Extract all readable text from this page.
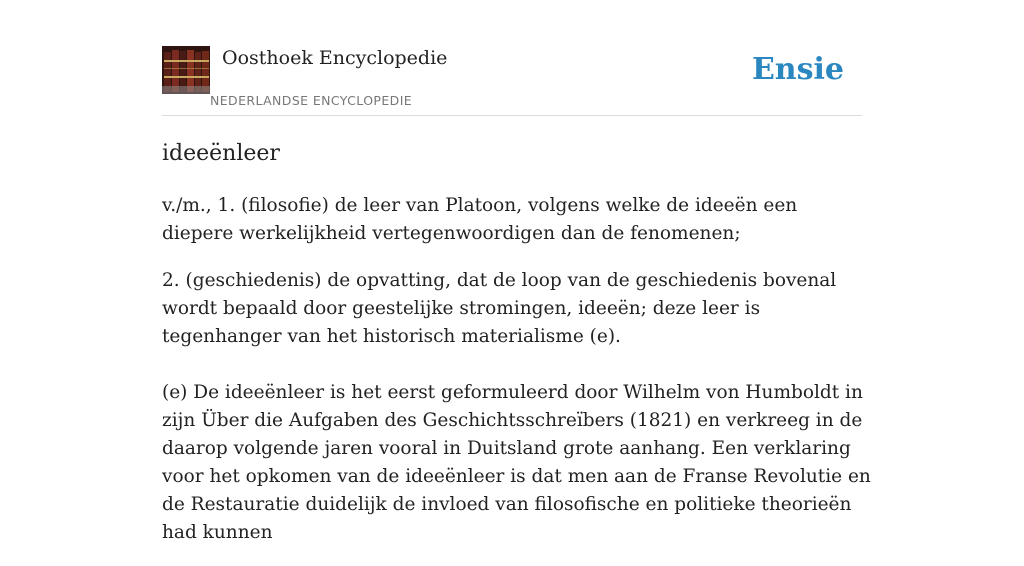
Oosthoek Encyclopedie
NEDERLANDSE ENCYCLOPEDIE
Ensie
ideeënleer

v./m., 1. (filosofie) de leer van Platoon, volgens welke de ideeën een diepere werkelijkheid vertegenwoordigen dan de fenomenen;

2. (geschiedenis) de opvatting, dat de loop van de geschiedenis bovenal wordt bepaald door geestelijke stromingen, ideeën; deze leer is tegenhanger van het historisch materialisme (e).

(e) De ideeënleer is het eerst geformuleerd door Wilhelm von Humboldt in zijn Über die Aufgaben des Geschichtsschreïbers (1821) en verkreeg in de daarop volgende jaren vooral in Duitsland grote aanhang. Een verklaring voor het opkomen van de ideeënleer is dat men aan de Franse Revolutie en de Restauratie duidelijk de invloed van filosofische en politieke theorieën had kunnen
